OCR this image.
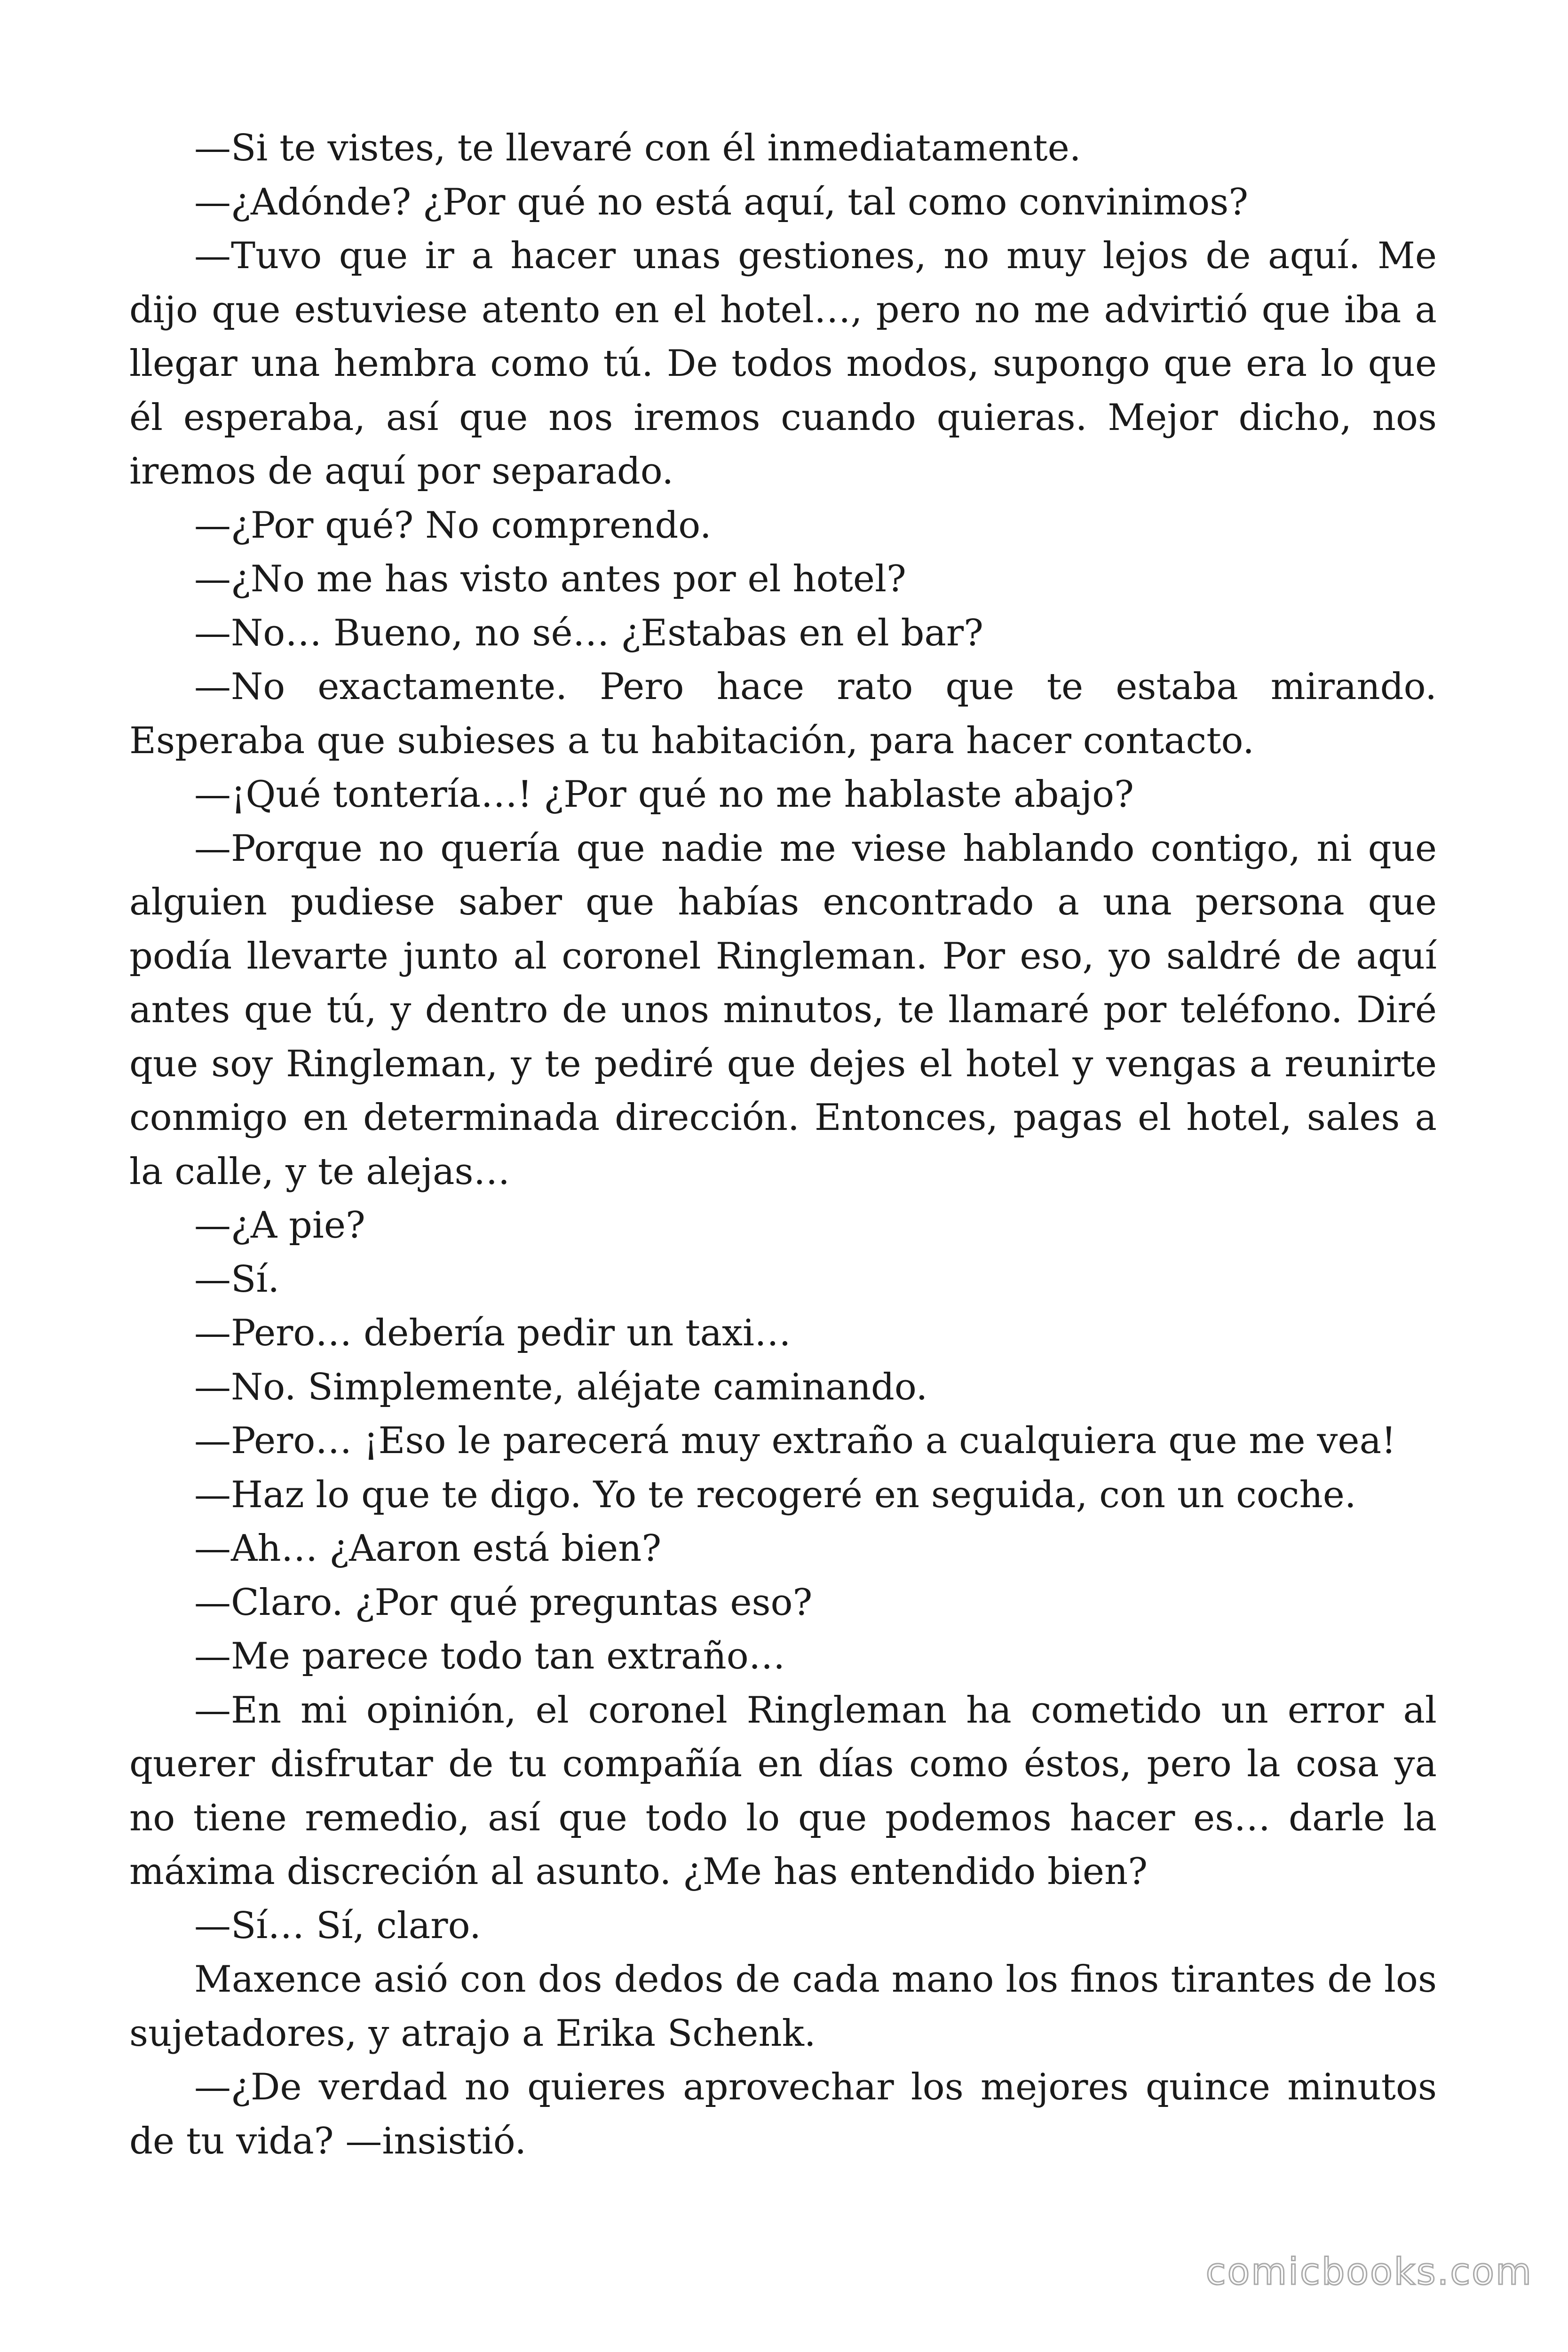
—Si te vistes, te llevaré con él inmediatamente.

—¿Adónde? ¿Por qué no está aquí, tal como convinimos?

—Tuvo que ir a hacer unas gestiones, no muy lejos de aquí. Me dijo que estuviese atento en el hotel…, pero no me advirtió que iba a llegar una hembra como tú. De todos modos, supongo que era lo que él esperaba, así que nos iremos cuando quieras. Mejor dicho, nos iremos de aquí por separado.

—¿Por qué? No comprendo.

—¿No me has visto antes por el hotel?

—No… Bueno, no sé… ¿Estabas en el bar?

—No exactamente. Pero hace rato que te estaba mirando. Esperaba que subieses a tu habitación, para hacer contacto.

—¡Qué tontería…! ¿Por qué no me hablaste abajo?

—Porque no quería que nadie me viese hablando contigo, ni que alguien pudiese saber que habías encontrado a una persona que podía llevarte junto al coronel Ringleman. Por eso, yo saldré de aquí antes que tú, y dentro de unos minutos, te llamaré por teléfono. Diré que soy Ringleman, y te pediré que dejes el hotel y vengas a reunirte conmigo en determinada dirección. Entonces, pagas el hotel, sales a la calle, y te alejas…

—¿A pie?

—Sí.

—Pero… debería pedir un taxi…

—No. Simplemente, aléjate caminando.

—Pero… ¡Eso le parecerá muy extraño a cualquiera que me vea!

—Haz lo que te digo. Yo te recogeré en seguida, con un coche.

—Ah… ¿Aaron está bien?

—Claro. ¿Por qué preguntas eso?

—Me parece todo tan extraño…

—En mi opinión, el coronel Ringleman ha cometido un error al querer disfrutar de tu compañía en días como éstos, pero la cosa ya no tiene remedio, así que todo lo que podemos hacer es… darle la máxima discreción al asunto. ¿Me has entendido bien?

—Sí… Sí, claro.

Maxence asió con dos dedos de cada mano los finos tirantes de los sujetadores, y atrajo a Erika Schenk.

—¿De verdad no quieres aprovechar los mejores quince minutos de tu vida? —insistió.

comicbooks.com
